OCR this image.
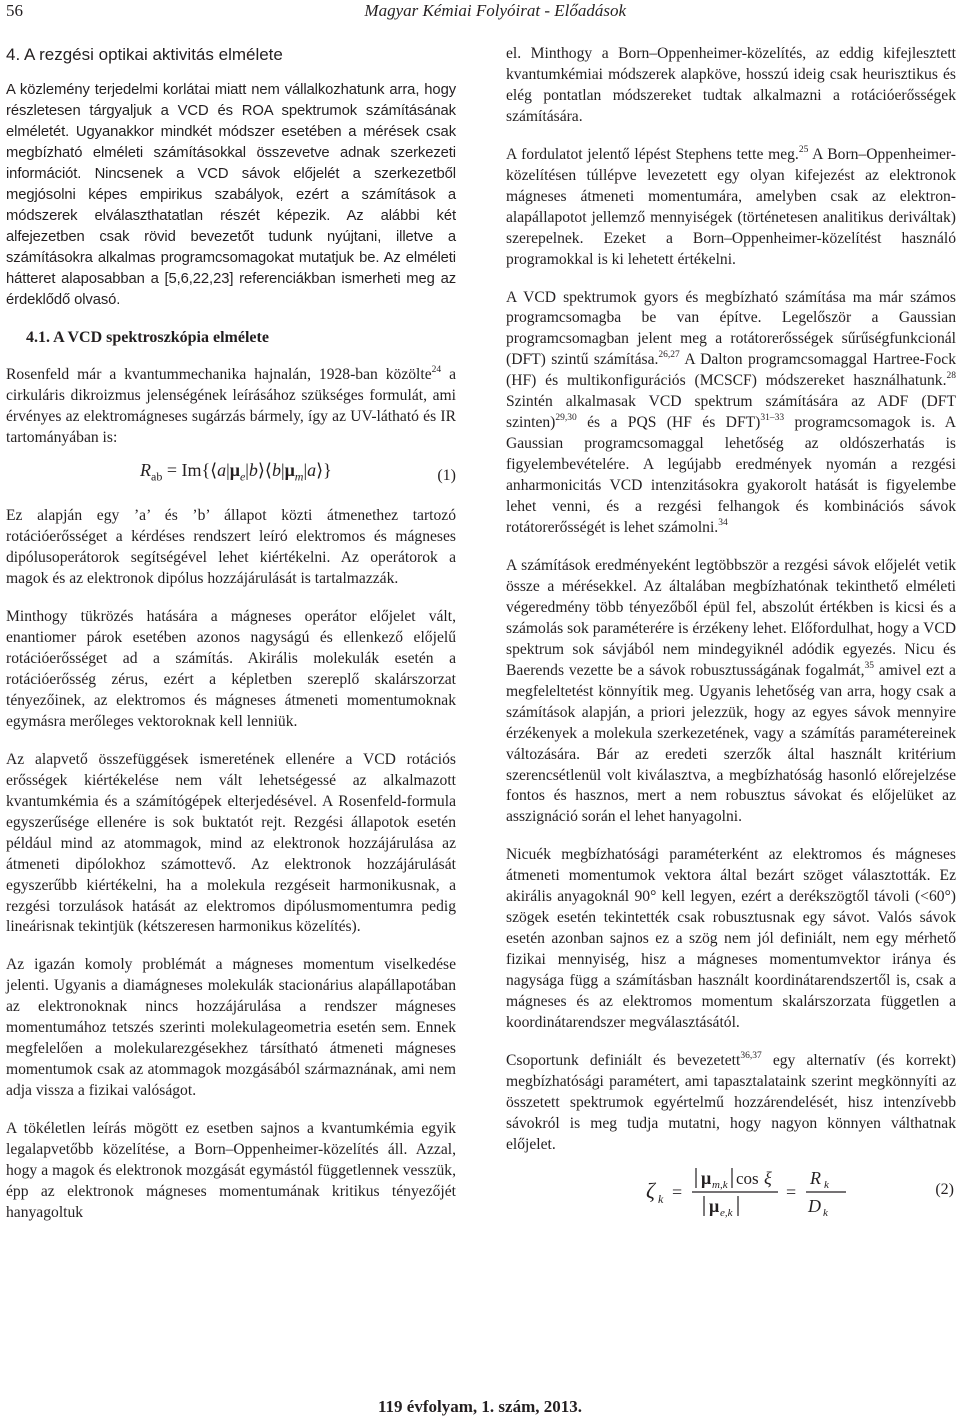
56	Magyar Kémiai Folyóirat - Előadások
4. A rezgési optikai aktivitás elmélete

A közlemény terjedelmi korlátai miatt nem vállalkozhatunk arra, hogy részletesen tárgyaljuk a VCD és ROA spektrumok számításának elméletét. Ugyanakkor mindkét módszer esetében a mérések csak megbízható elméleti számításokkal összevetve adnak szerkezeti információt. Nincsenek a VCD sávok előjelét a szerkezetből megjósolni képes empirikus szabályok, ezért a számítások a módszerek elválaszthatatlan részét képezik. Az alábbi két alfejezetben csak rövid bevezetőt tudunk nyújtani, illetve a számításokra alkalmas programcsomagokat mutatjuk be. Az elméleti hátteret alaposabban a [5,6,22,23] referenciákban ismerheti meg az érdeklődő olvasó.

4.1. A VCD spektroszkópia elmélete

Rosenfeld már a kvantummechanika hajnalán, 1928-ban közölte$^{24}$ a cirkuláris dikroizmus jelenségének leírásához szükséges formulát, ami érvényes az elektromágneses sugárzás bármely, így az UV-látható és IR tartományában is:

$R_{ab}$ = $Im\{⟨a|\mu_e|b⟩⟨b|\mu_m|a⟩\}$	(1)

Ez alapján egy ’a’ és ’b’ állapot közti átmenethez tartozó rotációerősséget a kérdéses rendszert leíró elektromos és mágneses dipólusoperátorok segítségével lehet kiértékelni. Az operátorok a magok és az elektronok dipólus hozzájárulását is tartalmazzák.

Minthogy tükrözés hatására a mágneses operátor előjelet vált, enantiomer párok esetében azonos nagyságú és ellenkező előjelű rotációerősséget ad a számítás. Akirális molekulák esetén a rotációerősség zérus, ezért a képletben szereplő skalárszorzat tényezőinek, az elektromos és mágneses átmeneti momentumoknak egymásra merőleges vektoroknak kell lenniük.

Az alapvető összefüggések ismeretének ellenére a VCD rotációs erősségek kiértékelése nem vált lehetségessé az alkalmazott kvantumkémia és a számítógépek elterjedésével. A Rosenfeld-formula egyszerűsége ellenére is sok buktatót rejt. Rezgési állapotok esetén például mind az atommagok, mind az elektronok hozzájárulása az átmeneti dipólokhoz számottevő. Az elektronok hozzájárulását egyszerűbb kiértékelni, ha a molekula rezgéseit harmonikusnak, a rezgési torzulások hatását az elektromos dipólusmomentumra pedig lineárisnak tekintjük (kétszeresen harmonikus közelítés).

Az igazán komoly problémát a mágneses momentum viselkedése jelenti. Ugyanis a diamágneses molekulák stacionárius alapállapotában az elektronoknak nincs hozzájárulása a rendszer mágneses momentumához tetszés szerinti molekulageometria esetén sem. Ennek megfelelően a molekularezgésekhez társítható átmeneti mágneses momentumok csak az atommagok mozgásából származnának, ami nem adja vissza a fizikai valóságot.

A tökéletlen leírás mögött ez esetben sajnos a kvantumkémia egyik legalapvetőbb közelítése, a Born–Oppenheimer-közelítés áll. Azzal, hogy a magok és elektronok mozgását egymástól függetlennek vesszük, épp az elektronok mágneses momentumának kritikus tényezőjét hanyagoltuk

el. Minthogy a Born–Oppenheimer-közelítés, az eddig kifejlesztett kvantumkémiai módszerek alapköve, hosszú ideig csak heurisztikus és elég pontatlan módszereket tudtak alkalmazni a rotációerősségek számítására.

A fordulatot jelentő lépést Stephens tette meg.$^{25}$ A Born–Oppenheimer-közelítésen túllépve levezetett egy olyan kifejezést az elektronok mágneses átmeneti momentumára, amelyben csak az elektron-alapállapotot jellemző mennyiségek (történetesen analitikus deriváltak) szerepelnek. Ezeket a Born–Oppenheimer-közelítést használó programokkal is ki lehetett értékelni.

A VCD spektrumok gyors és megbízható számítása ma már számos programcsomagba be van építve. Legelőször a Gaussian programcsomagban jelent meg a rotátorerősségek sűrűségfunkcionál (DFT) szintű számítása.$^{26,27}$ A Dalton programcsomaggal Hartree-Fock (HF) és multikonfigurációs (MCSCF) módszereket használhatunk.$^{28}$ Szintén alkalmasak VCD spektrum számítására az ADF (DFT szinten)$^{29,30}$ és a PQS (HF és DFT)$^{31-33}$ programcsomagok is. A Gaussian programcsomaggal lehetőség az oldószerhatás is figyelembevételére. A legújabb eredmények nyomán a rezgési anharmonicitás VCD intenzitásokra gyakorolt hatását is figyelembe lehet venni, és a rezgési felhangok és kombinációs sávok rotátorerősségét is lehet számolni.$^{34}$

A számítások eredményeként legtöbbször a rezgési sávok előjelét vetik össze a mérésekkel. Az általában megbízhatónak tekinthető elméleti végeredmény több tényezőből épül fel, abszolút értékben is kicsi és a számolás sok paraméterére is érzékeny lehet. Előfordulhat, hogy a VCD spektrum sok sávjából nem mindegyiknél adódik egyezés. Nicu és Baerends vezette be a sávok robusztusságának fogalmát,$^{35}$ amivel ezt a megfeleltetést könnyítik meg. Ugyanis lehetőség van arra, hogy csak a számítások alapján, a priori jelezzük, hogy az egyes sávok mennyire érzékenyek a molekula szerkezetének, vagy a számítás paramétereinek változására. Bár az eredeti szerzők által használt kritérium szerencsétlenül volt kiválasztva, a megbízhatóság hasonló előrejelzése fontos és hasznos, mert a nem robusztus sávokat és előjelüket az asszignáció során el lehet hanyagolni.

Nicuék megbízhatósági paraméterként az elektromos és mágneses átmeneti momentumok vektora által bezárt szöget választották. Ez akirális anyagoknál 90° kell legyen, ezért a derékszögtől távoli (<60°) szögek esetén tekintették csak robusztusnak egy sávot. Valós sávok esetén azonban sajnos ez a szög nem jól definiált, nem egy mérhető fizikai mennyiség, hisz a mágneses momentumvektor iránya és nagysága függ a számításban használt koordinátarendszertől is, csak a mágneses és az elektromos momentum skalárszorzata független a koordinátarendszer megválasztásától.

Csoportunk definiált és bevezetett$^{36,37}$ egy alternatív (és korrekt) megbízhatósági paramétert, ami tapasztalataink szerint megkönnyíti az összetett spektrumok egyértelmű hozzárendelését, hisz intenzívebb sávokról is meg tudja mutatni, hogy nagyon könnyen válthatnak előjelet.

ζ k =
μ m,k cos ξ
μ e,k
=
R k
D k
(2)
119 évfolyam, 1. szám, 2013.
